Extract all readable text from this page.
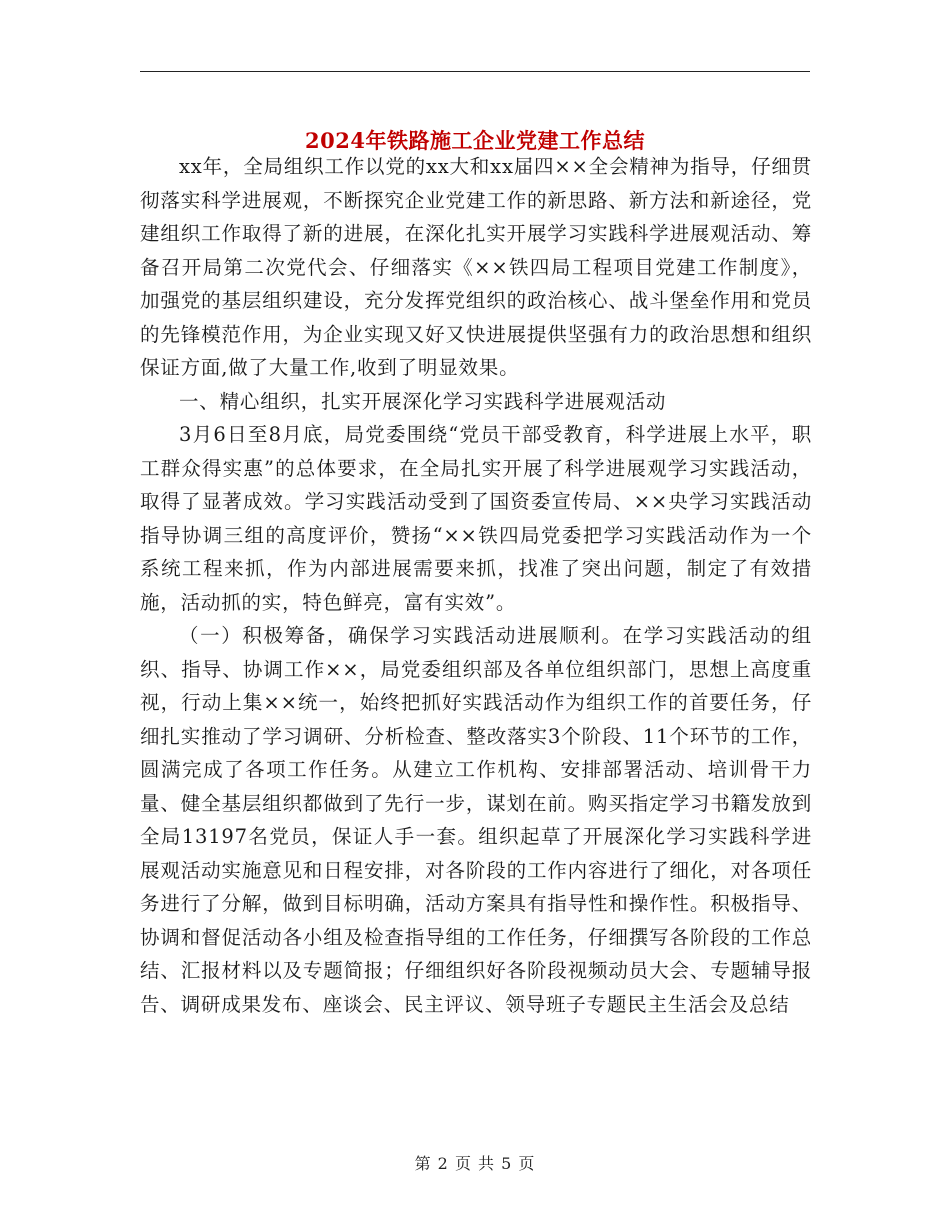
2024年铁路施工企业党建工作总结

xx年，全局组织工作以党的xx大和xx届四××全会精神为指导，仔细贯彻落实科学进展观，不断探究企业党建工作的新思路、新方法和新途径，党建组织工作取得了新的进展，在深化扎实开展学习实践科学进展观活动、筹备召开局第二次党代会、仔细落实《××铁四局工程项目党建工作制度》，加强党的基层组织建设，充分发挥党组织的政治核心、战斗堡垒作用和党员的先锋模范作用，为企业实现又好又快进展提供坚强有力的政治思想和组织保证方面,做了大量工作,收到了明显效果。

一、精心组织，扎实开展深化学习实践科学进展观活动

3月6日至8月底，局党委围绕“党员干部受教育，科学进展上水平，职工群众得实惠”的总体要求，在全局扎实开展了科学进展观学习实践活动，取得了显著成效。学习实践活动受到了国资委宣传局、××央学习实践活动指导协调三组的高度评价，赞扬“××铁四局党委把学习实践活动作为一个系统工程来抓，作为内部进展需要来抓，找准了突出问题，制定了有效措施，活动抓的实，特色鲜亮，富有实效”。

（一）积极筹备，确保学习实践活动进展顺利。在学习实践活动的组织、指导、协调工作××，局党委组织部及各单位组织部门，思想上高度重视，行动上集××统一，始终把抓好实践活动作为组织工作的首要任务，仔细扎实推动了学习调研、分析检查、整改落实3个阶段、11个环节的工作，圆满完成了各项工作任务。从建立工作机构、安排部署活动、培训骨干力量、健全基层组织都做到了先行一步，谋划在前。购买指定学习书籍发放到全局13197名党员，保证人手一套。组织起草了开展深化学习实践科学进展观活动实施意见和日程安排，对各阶段的工作内容进行了细化，对各项任务进行了分解，做到目标明确，活动方案具有指导性和操作性。积极指导、协调和督促活动各小组及检查指导组的工作任务，仔细撰写各阶段的工作总结、汇报材料以及专题简报；仔细组织好各阶段视频动员大会、专题辅导报告、调研成果发布、座谈会、民主评议、领导班子专题民主生活会及总结

第 2 页 共 5 页
